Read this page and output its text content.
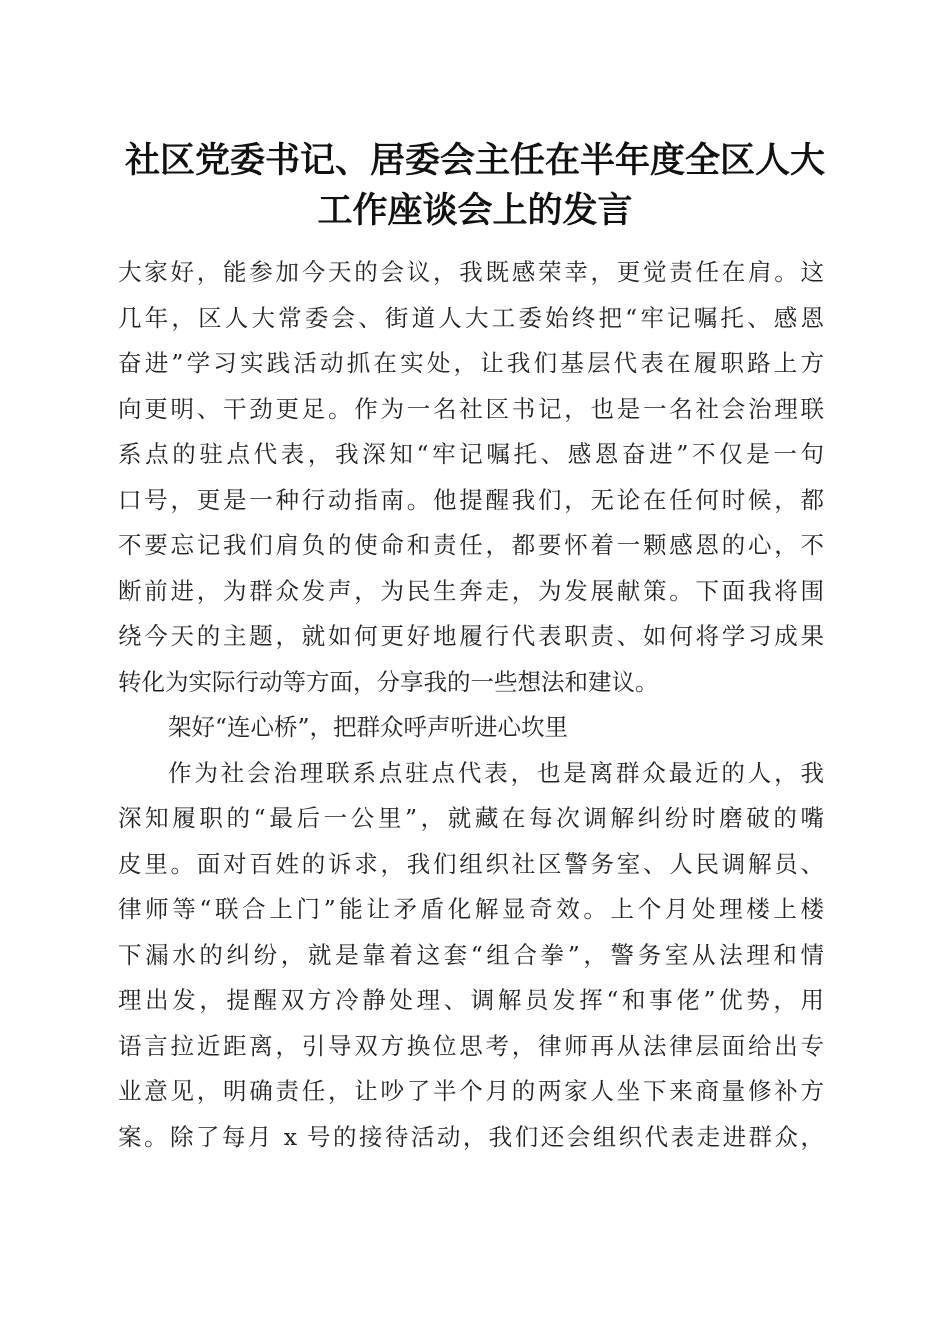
社区党委书记、居委会主任在半年度全区人大
工作座谈会上的发言
大家好，能参加今天的会议，我既感荣幸，更觉责任在肩。这
几年，区人大常委会、街道人大工委始终把“牢记嘱托、感恩
奋进”学习实践活动抓在实处，让我们基层代表在履职路上方
向更明、干劲更足。作为一名社区书记，也是一名社会治理联
系点的驻点代表，我深知“牢记嘱托、感恩奋进”不仅是一句
口号，更是一种行动指南。他提醒我们，无论在任何时候，都
不要忘记我们肩负的使命和责任，都要怀着一颗感恩的心，不
断前进，为群众发声，为民生奔走，为发展献策。下面我将围
绕今天的主题，就如何更好地履行代表职责、如何将学习成果
转化为实际行动等方面，分享我的一些想法和建议。
架好“连心桥”，把群众呼声听进心坎里
作为社会治理联系点驻点代表，也是离群众最近的人，我
深知履职的“最后一公里”，就藏在每次调解纠纷时磨破的嘴
皮里。面对百姓的诉求，我们组织社区警务室、人民调解员、
律师等“联合上门”能让矛盾化解显奇效。上个月处理楼上楼
下漏水的纠纷，就是靠着这套“组合拳”，警务室从法理和情
理出发，提醒双方冷静处理、调解员发挥“和事佬”优势，用
语言拉近距离，引导双方换位思考，律师再从法律层面给出专
业意见，明确责任，让吵了半个月的两家人坐下来商量修补方
案。除了每月 x 号的接待活动，我们还会组织代表走进群众，
